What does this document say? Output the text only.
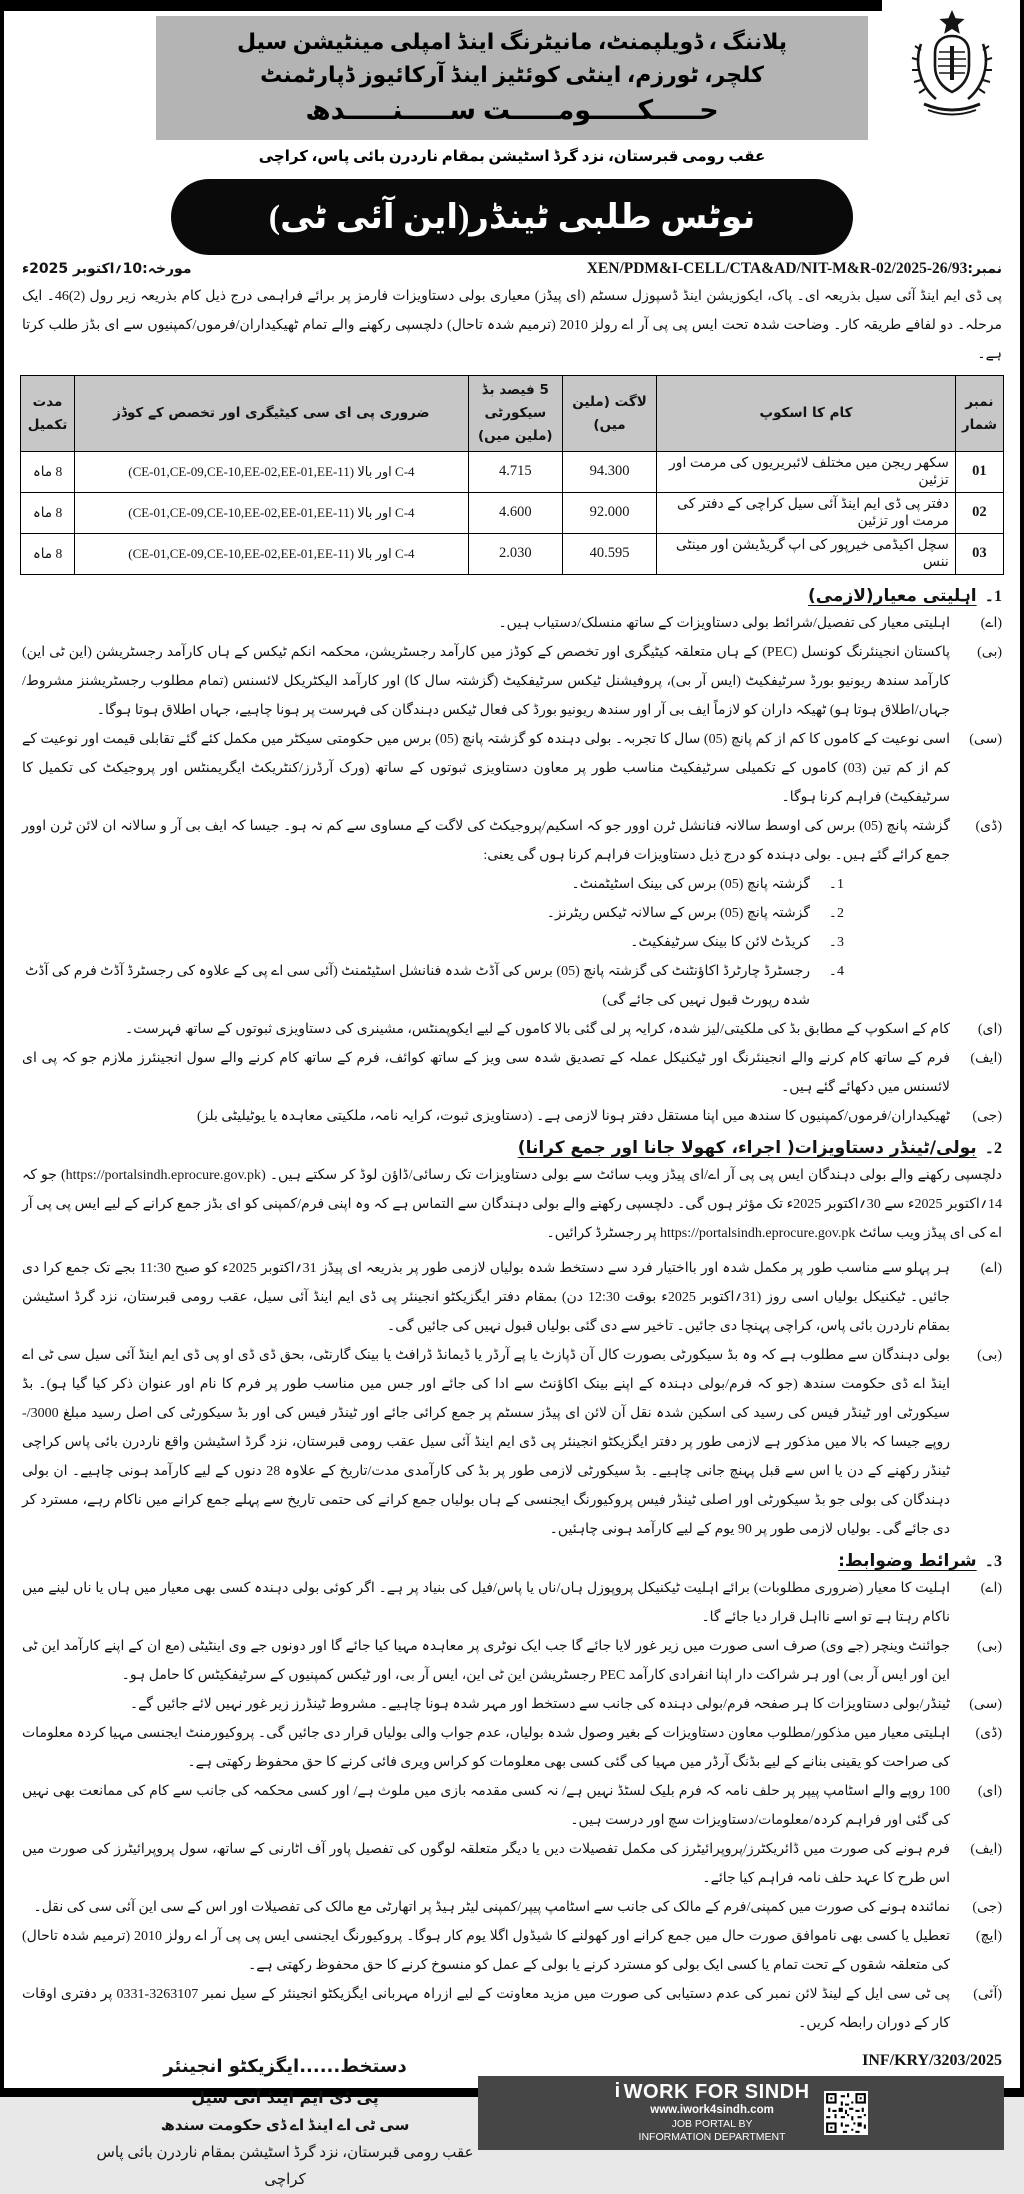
پلاننگ ، ڈویلپمنٹ، مانیٹرنگ اینڈ امپلی مینٹیشن سیل
کلچر، ٹورزم، اینٹی کوئٹیز اینڈ آرکائیوز ڈپارٹمنٹ
حـــــکـــــومـــــت ســـــنـــــدھ
عقب رومی قبرستان، نزد گرڈ اسٹیشن بمقام ناردرن بائی پاس، کراچی
نوٹس طلبی ٹینڈر(این آئی ٹی)
نمبر:XEN/PDM&I-CELL/CTA&AD/NIT-M&R-02/2025-26/93
مورخہ:10؍اکتوبر 2025ء
پی ڈی ایم اینڈ آئی سیل بذریعہ ای۔ پاک، ایکوزیشن اینڈ ڈسپوزل سسٹم (ای پیڈز) معیاری بولی دستاویزات فارمز پر برائے فراہمی درج ذیل کام بذریعہ زیر رول (2)46۔ ایک مرحلہ۔ دو لفافے طریقہ کار۔ وضاحت شدہ تحت ایس پی پی آر اے رولز 2010 (ترمیم شدہ تاحال) دلچسپی رکھنے والے تمام ٹھیکیداران/فرموں/کمپنیوں سے ای بڈز طلب کرتا ہے۔
نمبر شمار	کام کا اسکوپ	لاگت (ملین میں)	5 فیصد بڈ سیکورٹی (ملین میں)	ضروری پی ای سی کیٹیگری اور تخصص کے کوڈز	مدت تکمیل
01	سکھر ریجن میں مختلف لائبریریوں کی مرمت اور تزئین	94.300	4.715	C-4 اور بالا (CE-01,CE-09,CE-10,EE-02,EE-01,EE-11)	8 ماہ
02	دفتر پی ڈی ایم اینڈ آئی سیل کراچی کے دفتر کی مرمت اور تزئین	92.000	4.600	C-4 اور بالا (CE-01,CE-09,CE-10,EE-02,EE-01,EE-11)	8 ماہ
03	سچل اکیڈمی خیرپور کی اپ گریڈیشن اور مینٹی ننس	40.595	2.030	C-4 اور بالا (CE-01,CE-09,CE-10,EE-02,EE-01,EE-11)	8 ماہ
1۔
اہلیتی معیار(لازمی)
(اے)
اہلیتی معیار کی تفصیل/شرائط بولی دستاویزات کے ساتھ منسلک/دستیاب ہیں۔
(بی)
پاکستان انجینئرنگ کونسل (PEC) کے ہاں متعلقہ کیٹیگری اور تخصص کے کوڈز میں کارآمد رجسٹریشن، محکمہ انکم ٹیکس کے ہاں کارآمد رجسٹریشن (این ٹی این) کارآمد سندھ ریونیو بورڈ سرٹیفکیٹ (ایس آر بی)، پروفیشنل ٹیکس سرٹیفکیٹ (گزشتہ سال کا) اور کارآمد الیکٹریکل لائسنس (تمام مطلوب رجسٹریشنز مشروط/جہاں/اطلاق ہوتا ہو) ٹھیکہ داران کو لازماً ایف بی آر اور سندھ ریونیو بورڈ کی فعال ٹیکس دہندگان کی فہرست پر ہونا چاہیے، جہاں اطلاق ہوتا ہوگا۔
(سی)
اسی نوعیت کے کاموں کا کم از کم پانچ (05) سال کا تجربہ۔ بولی دہندہ کو گزشتہ پانچ (05) برس میں حکومتی سیکٹر میں مکمل کئے گئے تقابلی قیمت اور نوعیت کے کم از کم تین (03) کاموں کے تکمیلی سرٹیفکیٹ مناسب طور پر معاون دستاویزی ثبوتوں کے ساتھ (ورک آرڈرز/کنٹریکٹ ایگریمنٹس اور پروجیکٹ کی تکمیل کا سرٹیفکیٹ) فراہم کرنا ہوگا۔
(ڈی)
گزشتہ پانچ (05) برس کی اوسط سالانہ فنانشل ٹرن اوور جو کہ اسکیم/پروجیکٹ کی لاگت کے مساوی سے کم نہ ہو۔ جیسا کہ ایف بی آر و سالانہ ان لائن ٹرن اوور جمع کرائے گئے ہیں۔ بولی دہندہ کو درج ذیل دستاویزات فراہم کرنا ہوں گی یعنی:
1۔
گزشتہ پانچ (05) برس کی بینک اسٹیٹمنٹ۔
2۔
گزشتہ پانچ (05) برس کے سالانہ ٹیکس ریٹرنز۔
3۔
کریڈٹ لائن کا بینک سرٹیفکیٹ۔
4۔
رجسٹرڈ چارٹرڈ اکاؤنٹنٹ کی گزشتہ پانچ (05) برس کی آڈٹ شدہ فنانشل اسٹیٹمنٹ (آئی سی اے پی کے علاوہ کی رجسٹرڈ آڈٹ فرم کی آڈٹ شدہ رپورٹ قبول نہیں کی جائے گی)
(ای)
کام کے اسکوپ کے مطابق بڈ کی ملکیتی/لیز شدہ، کرایہ پر لی گئی بالا کاموں کے لیے ایکوپمنٹس، مشینری کی دستاویزی ثبوتوں کے ساتھ فہرست۔
(ایف)
فرم کے ساتھ کام کرنے والے انجینئرنگ اور ٹیکنیکل عملہ کے تصدیق شدہ سی ویز کے ساتھ کوائف، فرم کے ساتھ کام کرنے والے سول انجینئرز ملازم جو کہ پی ای لائسنس میں دکھائے گئے ہیں۔
(جی)
ٹھیکیداران/فرموں/کمپنیوں کا سندھ میں اپنا مستقل دفتر ہونا لازمی ہے۔ (دستاویزی ثبوت، کرایہ نامہ، ملکیتی معاہدہ یا یوٹیلیٹی بلز)
2۔
بولی/ٹینڈر دستاویزات( اجراء، کھولا جانا اور جمع کرانا)
دلچسپی رکھنے والے بولی دہندگان ایس پی پی آر اے/ای پیڈز ویب سائٹ سے بولی دستاویزات تک رسائی/ڈاؤن لوڈ کر سکتے ہیں۔ (https://portalsindh.eprocure.gov.pk) جو کہ 14؍اکتوبر 2025ء سے 30؍اکتوبر 2025ء تک مؤثر ہوں گی۔ دلچسپی رکھنے والے بولی دہندگان سے التماس ہے کہ وہ اپنی فرم/کمپنی کو ای بڈز جمع کرانے کے لیے ایس پی پی آر اے کی ای پیڈز ویب سائٹ https://portalsindh.eprocure.gov.pk پر رجسٹرڈ کرائیں۔
(اے)
ہر پہلو سے مناسب طور پر مکمل شدہ اور بااختیار فرد سے دستخط شدہ بولیاں لازمی طور پر بذریعہ ای پیڈز 31؍اکتوبر 2025ء کو صبح 11:30 بجے تک جمع کرا دی جائیں۔ ٹیکنیکل بولیاں اسی روز (31؍اکتوبر 2025ء بوقت 12:30 دن) بمقام دفتر ایگزیکٹو انجینئر پی ڈی ایم اینڈ آئی سیل، عقب رومی قبرستان، نزد گرڈ اسٹیشن بمقام ناردرن بائی پاس، کراچی پہنچا دی جائیں۔ تاخیر سے دی گئی بولیاں قبول نہیں کی جائیں گی۔
(بی)
بولی دہندگان سے مطلوب ہے کہ وہ بڈ سیکورٹی بصورت کال آن ڈپازٹ یا پے آرڈر یا ڈیمانڈ ڈرافٹ یا بینک گارنٹی، بحق ڈی ڈی او پی ڈی ایم اینڈ آئی سیل سی ٹی اے اینڈ اے ڈی حکومت سندھ (جو کہ فرم/بولی دہندہ کے اپنے بینک اکاؤنٹ سے ادا کی جائے اور جس میں مناسب طور پر فرم کا نام اور عنوان ذکر کیا گیا ہو)۔ بڈ سیکورٹی اور ٹینڈر فیس کی رسید کی اسکین شدہ نقل آن لائن ای پیڈز سسٹم پر جمع کرائی جائے اور ٹینڈر فیس کی اور بڈ سیکورٹی کی اصل رسید مبلغ 3000/- روپے جیسا کہ بالا میں مذکور ہے لازمی طور پر دفتر ایگزیکٹو انجینئر پی ڈی ایم اینڈ آئی سیل عقب رومی قبرستان، نزد گرڈ اسٹیشن واقع ناردرن بائی پاس کراچی ٹینڈر رکھنے کے دن یا اس سے قبل پہنچ جانی چاہیے۔ بڈ سیکورٹی لازمی طور پر بڈ کی کارآمدی مدت/تاریخ کے علاوہ 28 دنوں کے لیے کارآمد ہونی چاہیے۔ ان بولی دہندگان کی بولی جو بڈ سیکورٹی اور اصلی ٹینڈر فیس پروکیورنگ ایجنسی کے ہاں بولیاں جمع کرانے کی حتمی تاریخ سے پہلے جمع کرانے میں ناکام رہے، مسترد کر دی جائے گی۔ بولیاں لازمی طور پر 90 یوم کے لیے کارآمد ہونی چاہئیں۔
3۔
شرائط وضوابط:
(اے)
اہلیت کا معیار (ضروری مطلوبات) برائے اہلیت ٹیکنیکل پروپوزل ہاں/ناں یا پاس/فیل کی بنیاد پر ہے۔ اگر کوئی بولی دہندہ کسی بھی معیار میں ہاں یا ناں لینے میں ناکام رہتا ہے تو اسے نااہل قرار دیا جائے گا۔
(بی)
جوائنٹ وینچر (جے وی) صرف اسی صورت میں زیر غور لایا جائے گا جب ایک نوٹری پر معاہدہ مہیا کیا جائے گا اور دونوں جے وی اینٹیٹی (مع ان کے اپنے کارآمد این ٹی این اور ایس آر بی) اور ہر شراکت دار اپنا انفرادی کارآمد PEC رجسٹریشن این ٹی این، ایس آر بی، اور ٹیکس کمپنیوں کے سرٹیفکیٹس کا حامل ہو۔
(سی)
ٹینڈر/بولی دستاویزات کا ہر صفحہ فرم/بولی دہندہ کی جانب سے دستخط اور مہر شدہ ہونا چاہیے۔ مشروط ٹینڈرز زیر غور نہیں لائے جائیں گے۔
(ڈی)
اہلیتی معیار میں مذکور/مطلوب معاون دستاویزات کے بغیر وصول شدہ بولیاں، عدم جواب والی بولیاں قرار دی جائیں گی۔ پروکیورمنٹ ایجنسی مہیا کردہ معلومات کی صراحت کو یقینی بنانے کے لیے بڈنگ آرڈر میں مہیا کی گئی کسی بھی معلومات کو کراس ویری فائی کرنے کا حق محفوظ رکھتی ہے۔
(ای)
100 روپے والے اسٹامپ پیپر پر حلف نامہ کہ فرم بلیک لسٹڈ نہیں ہے/ نہ کسی مقدمہ بازی میں ملوث ہے/ اور کسی محکمہ کی جانب سے کام کی ممانعت بھی نہیں کی گئی اور فراہم کردہ/معلومات/دستاویزات سچ اور درست ہیں۔
(ایف)
فرم ہونے کی صورت میں ڈائریکٹرز/پروپرائیٹرز کی مکمل تفصیلات دیں یا دیگر متعلقہ لوگوں کی تفصیل پاور آف اٹارنی کے ساتھ، سول پروپرائیٹرز کی صورت میں اس طرح کا عہد حلف نامہ فراہم کیا جائے۔
(جی)
نمائندہ ہونے کی صورت میں کمپنی/فرم کے مالک کی جانب سے اسٹامپ پیپر/کمپنی لیٹر ہیڈ پر اتھارٹی مع مالک کی تفصیلات اور اس کے سی این آئی سی کی نقل۔
(ایچ)
تعطیل یا کسی بھی ناموافق صورت حال میں جمع کرانے اور کھولنے کا شیڈول اگلا یوم کار ہوگا۔ پروکیورنگ ایجنسی ایس پی پی آر اے رولز 2010 (ترمیم شدہ تاحال) کی متعلقہ شقوں کے تحت تمام یا کسی ایک بولی کو مسترد کرنے یا بولی کے عمل کو منسوخ کرنے کا حق محفوظ رکھتی ہے۔
(آئی)
پی ٹی سی ایل کے لینڈ لائن نمبر کی عدم دستیابی کی صورت میں مزید معاونت کے لیے ازراہ مہربانی ایگزیکٹو انجینئر کے سیل نمبر 3263107-0331 پر دفتری اوقات کار کے دوران رابطہ کریں۔
دستخط......ایگزیکٹو انجینئر
پی ڈی ایم اینڈ آئی سیل
سی ٹی اے اینڈ اے ڈی حکومت سندھ
عقب رومی قبرستان، نزد گرڈ اسٹیشن بمقام ناردرن بائی پاس کراچی
INF/KRY/3203/2025
i WORK FOR SINDH
www.iwork4sindh.com
JOB PORTAL BY
INFORMATION DEPARTMENT
